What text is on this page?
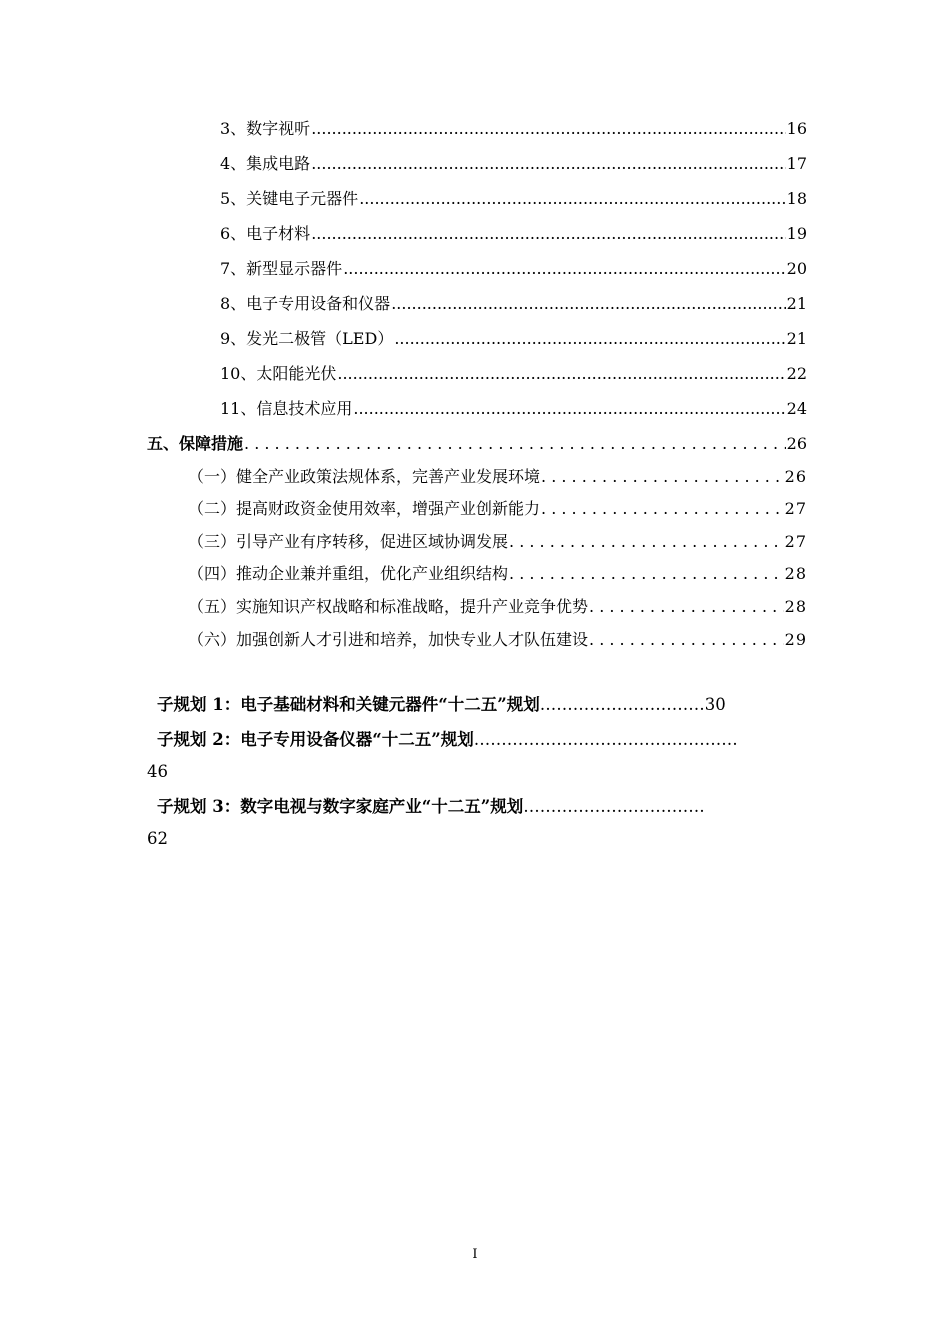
3、数字视听 .....	16
4、集成电路 .....	17
5、关键电子元器件 .....	18
6、电子材料 .....	19
7、新型显示器件 .....	20
8、电子专用设备和仪器 .....	21
9、发光二极管（LED） .....	21
10、太阳能光伏 .....	22
11、信息技术应用 .....	24
五、保障措施 . . .	26
（一）健全产业政策法规体系，完善产业发展环境 . . .	26
（二）提高财政资金使用效率，增强产业创新能力 . . .	27
（三）引导产业有序转移，促进区域协调发展 . . .	27
（四）推动企业兼并重组，优化产业组织结构 . . .	28
（五）实施知识产权战略和标准战略，提升产业竞争优势 . . .	28
（六）加强创新人才引进和培养，加快专业人才队伍建设 . . .	29
子规划 1：电子基础材料和关键元器件“十二五”规划…………………………30
子规划 2：电子专用设备仪器“十二五”规划…………………………………………
46
子规划 3：数字电视与数字家庭产业“十二五”规划……………………………
62
I
